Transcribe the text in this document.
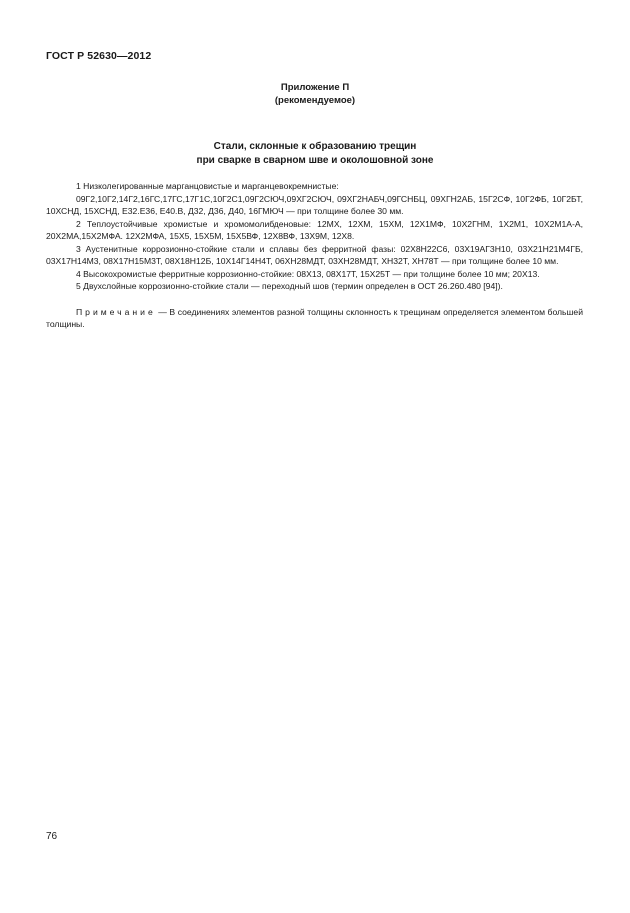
ГОСТ Р 52630—2012
Приложение П
(рекомендуемое)
Стали, склонные к образованию трещин
при сварке в сварном шве и околошовной зоне

1 Низколегированные марганцовистые и марганцевокремнистые:

09Г2,10Г2,14Г2,16ГС,17ГС,17Г1С,10Г2С1,09Г2СЮЧ,09ХГ2СЮЧ, 09ХГ2НАБЧ,09ГСНБЦ, 09ХГН2АБ, 15Г2СФ, 10Г2ФБ, 10Г2БТ, 10ХСНД, 15ХСНД, Е32.Е36, Е40.В, Д32, Д36, Д40, 16ГМЮЧ — при толщине более 30 мм.

2 Теплоустойчивые хромистые и хромомолибденовые: 12МХ, 12ХМ, 15ХМ, 12Х1МФ, 10Х2ГНМ, 1Х2М1, 10Х2М1А-А, 20Х2МА,15Х2МФА. 12Х2МФА, 15Х5, 15Х5М, 15Х5ВФ, 12Х8ВФ, 13Х9М, 12Х8.

3 Аустенитные коррозионно-стойкие стали и сплавы без ферритной фазы: 02Х8Н22С6, 03Х19АГ3Н10, 03Х21Н21М4ГБ, 03Х17Н14М3, 08Х17Н15М3Т, 08Х18Н12Б, 10Х14Г14Н4Т, 06ХН28МДТ, 03ХН28МДТ, ХН32Т, ХН78Т — при толщине более 10 мм.

4 Высокохромистые ферритные коррозионно-стойкие: 08Х13, 08Х17Т, 15Х25Т — при толщине более 10 мм; 20Х13.

5 Двухслойные коррозионно-стойкие стали — переходный шов (термин определен в ОСТ 26.260.480 [94]).

Примечание — В соединениях элементов разной толщины склонность к трещинам определяется элементом большей толщины.

76
